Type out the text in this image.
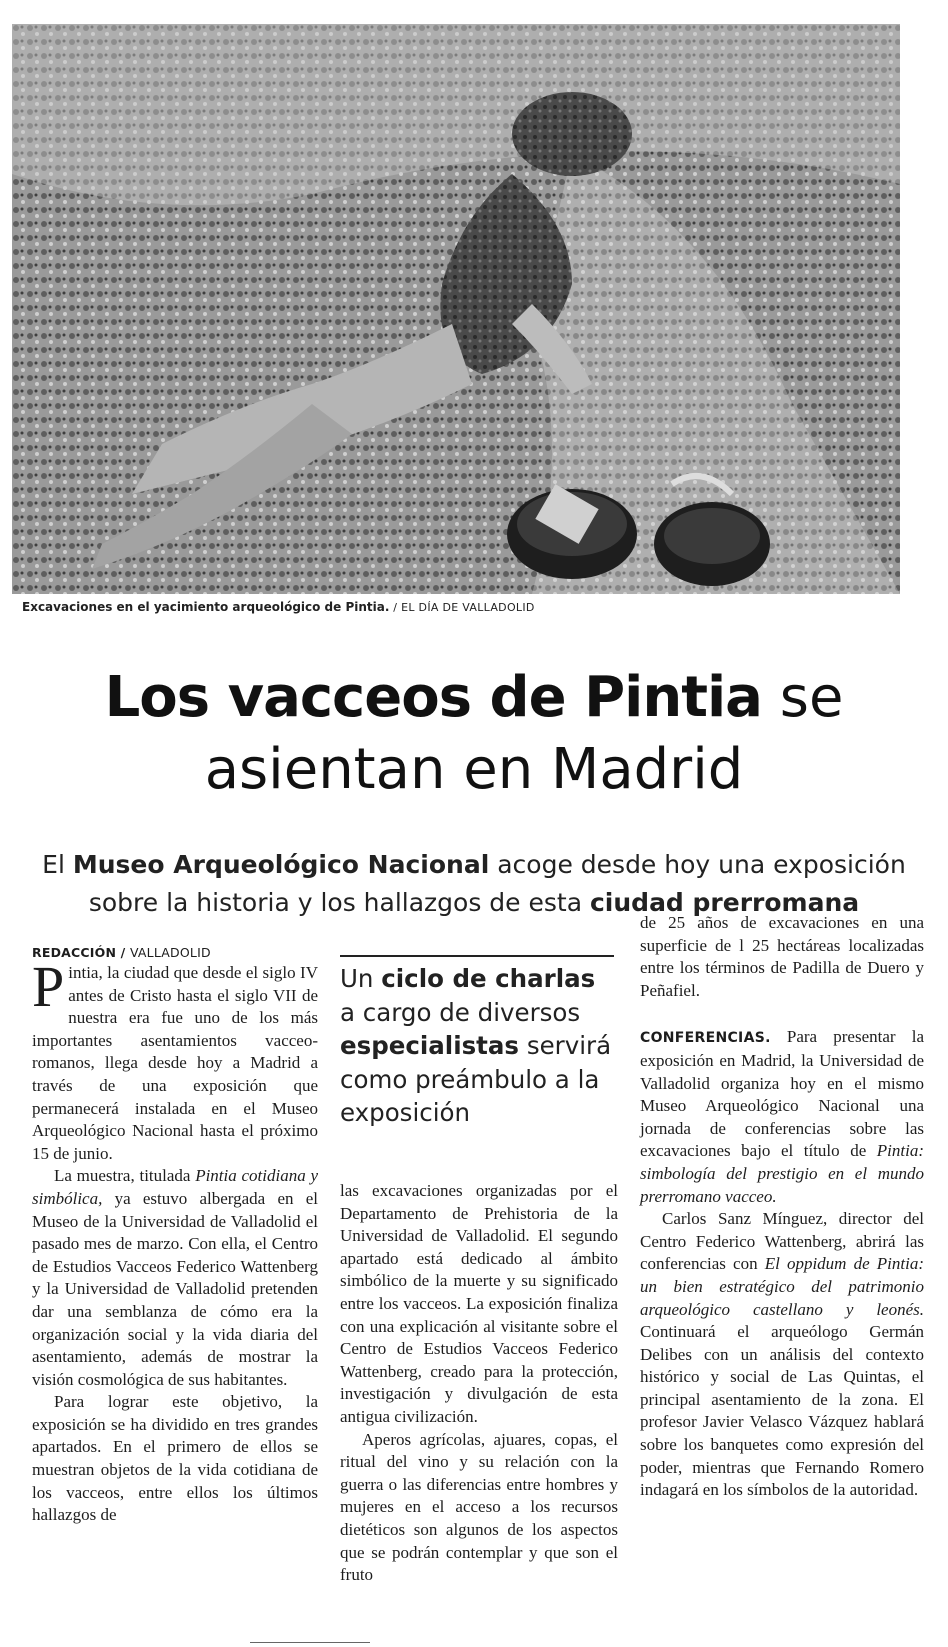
Excavaciones en el yacimiento arqueológico de Pintia. / EL DÍA DE VALLADOLID
Los vacceos de Pintia se
asientan en Madrid
El Museo Arqueológico Nacional acoge desde hoy una exposición sobre la historia y los hallazgos de esta ciudad prerromana
REDACCIÓN / VALLADOLID

Pintia, la ciudad que desde el siglo IV antes de Cristo hasta el siglo VII de nuestra era fue uno de los más importantes asentamientos vacceo-romanos, llega desde hoy a Madrid a través de una exposición que permanecerá instalada en el Museo Arqueológico Nacional hasta el próximo 15 de junio.

La muestra, titulada Pintia cotidiana y simbólica, ya estuvo albergada en el Museo de la Universidad de Valladolid el pasado mes de marzo. Con ella, el Centro de Estudios Vacceos Federico Wattenberg y la Universidad de Valladolid pretenden dar una semblanza de cómo era la organización social y la vida diaria del asentamiento, además de mostrar la visión cosmológica de sus habitantes.

Para lograr este objetivo, la exposición se ha dividido en tres grandes apartados. En el primero de ellos se muestran objetos de la vida cotidiana de los vacceos, entre ellos los últimos hallazgos de

Un ciclo de charlas a cargo de diversos especialistas servirá como preámbulo a la exposición

las excavaciones organizadas por el Departamento de Prehistoria de la Universidad de Valladolid. El segundo apartado está dedicado al ámbito simbólico de la muerte y su significado entre los vacceos. La exposición finaliza con una explicación al visitante sobre el Centro de Estudios Vacceos Federico Wattenberg, creado para la protección, investigación y divulgación de esta antigua civilización.

Aperos agrícolas, ajuares, copas, el ritual del vino y su relación con la guerra o las diferencias entre hombres y mujeres en el acceso a los recursos dietéticos son algunos de los aspectos que se podrán contemplar y que son el fruto

de 25 años de excavaciones en una superficie de l 25 hectáreas localizadas entre los términos de Padilla de Duero y Peñafiel.

CONFERENCIAS. Para presentar la exposición en Madrid, la Universidad de Valladolid organiza hoy en el mismo Museo Arqueológico Nacional una jornada de conferencias sobre las excavaciones bajo el título de Pintia: simbología del prestigio en el mundo prerromano vacceo.

Carlos Sanz Mínguez, director del Centro Federico Wattenberg, abrirá las conferencias con El oppidum de Pintia: un bien estratégico del patrimonio arqueológico castellano y leonés. Continuará el arqueólogo Germán Delibes con un análisis del contexto histórico y social de Las Quintas, el principal asentamiento de la zona. El profesor Javier Velasco Vázquez hablará sobre los banquetes como expresión del poder, mientras que Fernando Romero indagará en los símbolos de la autoridad.
